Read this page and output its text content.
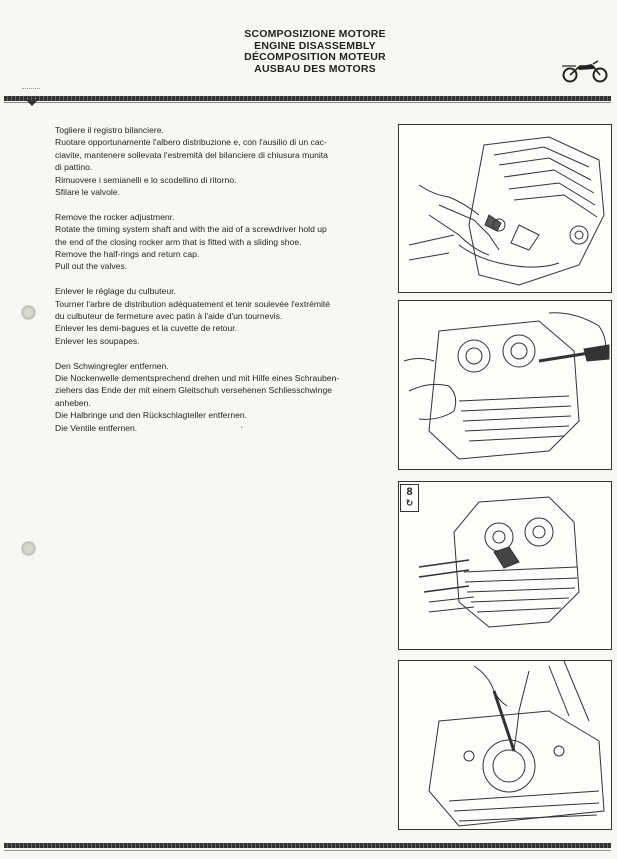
SCOMPOSIZIONE MOTORE
ENGINE DISASSEMBLY
DÉCOMPOSITION MOTEUR
AUSBAU DES MOTORS
Togliere il registro bilanciere.
Ruotare opportunamente l'albero distribuzione e, con l'ausilio di un cac-
ciavite, mantenere sollevata l'estremità del bilanciere di chiusura munita
di pattino.
Rimuovere i semianelli e lo scodellino di ritorno.
Sfilare le valvole.
Remove the rocker adjustmenr.
Rotate the timing system shaft and with the aid of a screwdriver hold up
the end of the closing rocker arm that is fitted with a sliding shoe.
Remove the half-rings and return cap.
Pull out the valves.
Enlever le réglage du culbuteur.
Tourner l'arbre de distribution adéquatement et tenir soulevée l'extrémité
du culbuteur de fermeture avec patin à l'aide d'un tournevis.
Enlever les demi-bagues et la cuvette de retour.
Enlever les soupapes.
Den Schwingregler entfernen.
Die Nockenwelle dementsprechend drehen und mit Hilfe eines Schrauben-
ziehers das Ende der mit einem Gleitschuh versehenen Schliesschwinge
anheben.
Die Halbringe und den Rückschlagteller entfernen.
Die Ventile entfernen.	ʻ
8
↻
